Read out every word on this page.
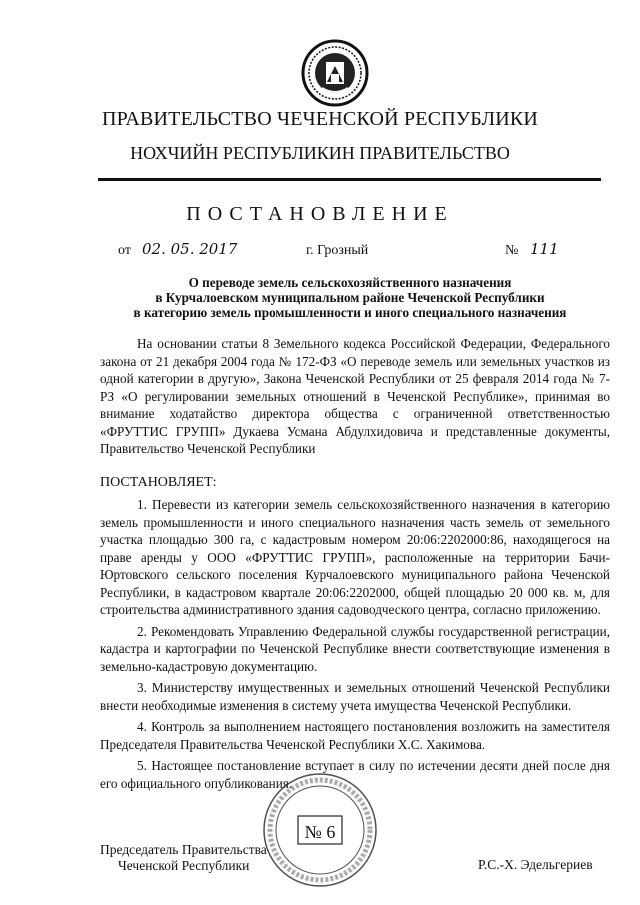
ПРАВИТЕЛЬСТВО ЧЕЧЕНСКОЙ РЕСПУБЛИКИ
НОХЧИЙН РЕСПУБЛИКИН ПРАВИТЕЛЬСТВО
ПОСТАНОВЛЕНИЕ
от 02. 05. 2017	г. Грозный	№ 111
О переводе земель сельскохозяйственного назначения
в Курчалоевском муниципальном районе Чеченской Республики
в категорию земель промышленности и иного специального назначения

На основании статьи 8 Земельного кодекса Российской Федерации, Федерального закона от 21 декабря 2004 года № 172-ФЗ «О переводе земель или земельных участков из одной категории в другую», Закона Чеченской Республики от 25 февраля 2014 года № 7-РЗ «О регулировании земельных отношений в Чеченской Республике», принимая во внимание ходатайство директора общества с ограниченной ответственностью «ФРУТТИС ГРУПП» Дукаева Усмана Абдулхидовича и представленные документы, Правительство Чеченской Республики

ПОСТАНОВЛЯЕТ:

1. Перевести из категории земель сельскохозяйственного назначения в категорию земель промышленности и иного специального назначения часть земель от земельного участка площадью 300 га, с кадастровым номером 20:06:2202000:86, находящегося на праве аренды у ООО «ФРУТТИС ГРУПП», расположенные на территории Бачи-Юртовского сельского поселения Курчалоевского муниципального района Чеченской Республики, в кадастровом квартале 20:06:2202000, общей площадью 20 000 кв. м, для строительства административного здания садоводческого центра, согласно приложению.

2. Рекомендовать Управлению Федеральной службы государственной регистрации, кадастра и картографии по Чеченской Республике внести соответствующие изменения в земельно-кадастровую документацию.

3. Министерству имущественных и земельных отношений Чеченской Республики внести необходимые изменения в систему учета имущества Чеченской Республики.

4. Контроль за выполнением настоящего постановления возложить на заместителя Председателя Правительства Чеченской Республики Х.С. Хакимова.

5. Настоящее постановление вступает в силу по истечении десяти дней после дня его официального опубликования.

№ 6
Председатель Правительства
Чеченской Республики	Р.С.-Х. Эдельгериев
